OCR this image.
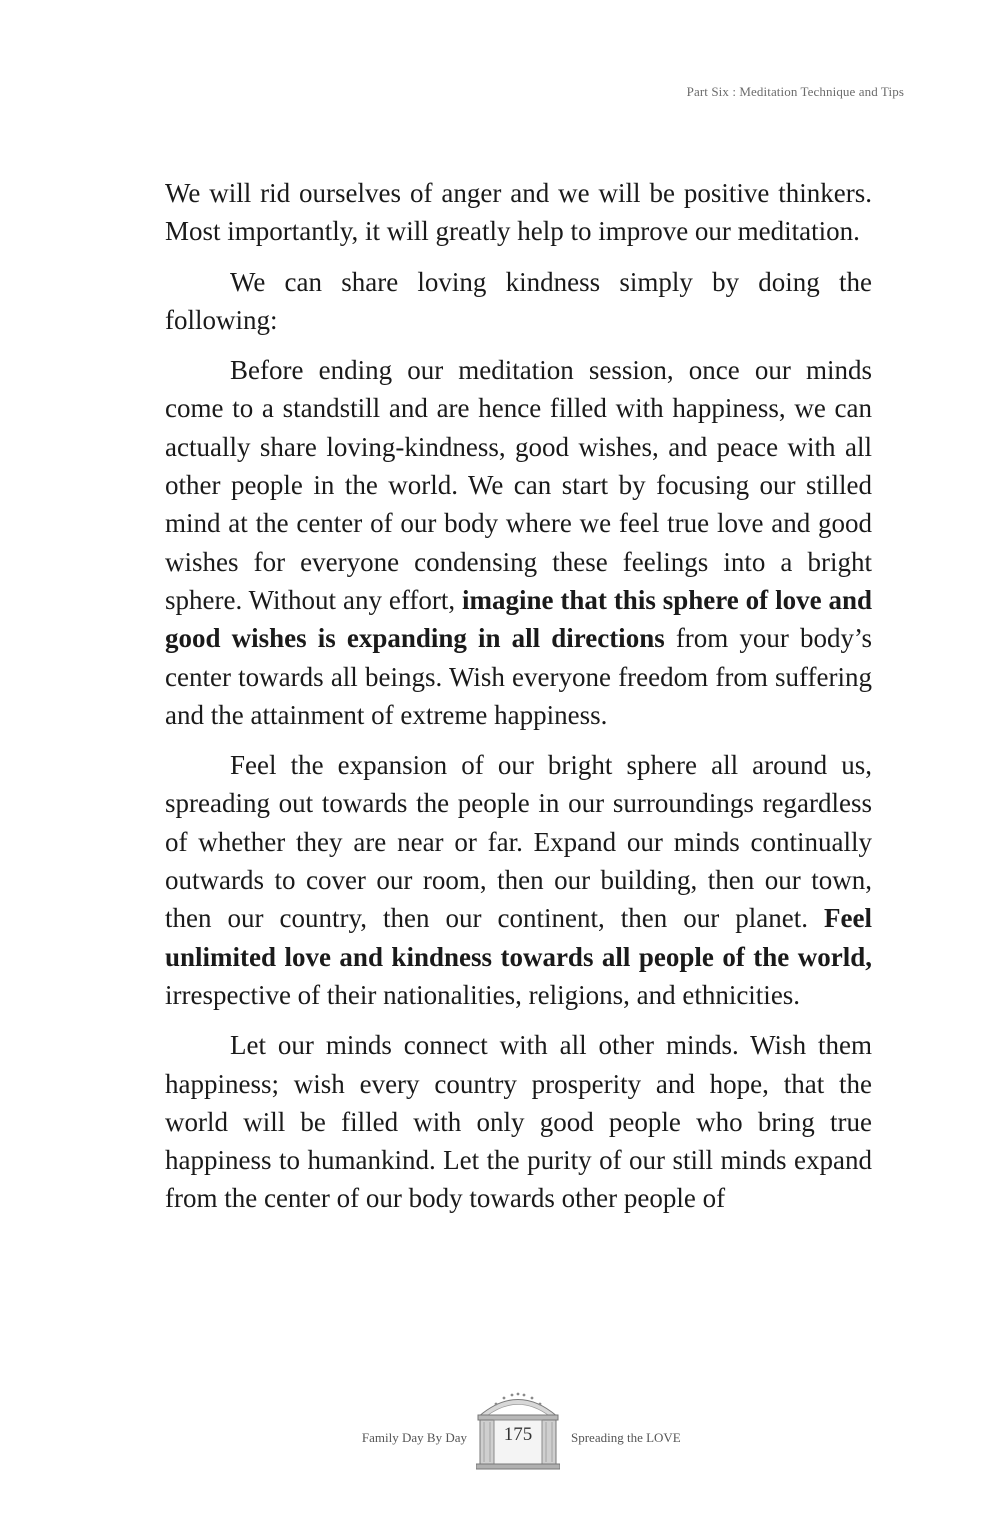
Part Six : Meditation Technique and Tips

We will rid ourselves of anger and we will be positive thinkers. Most importantly, it will greatly help to improve our meditation.

We can share loving kindness simply by doing the following:

Before ending our meditation session, once our minds come to a standstill and are hence filled with happiness, we can actually share loving-kindness, good wishes, and peace with all other people in the world. We can start by focusing our stilled mind at the center of our body where we feel true love and good wishes for everyone condensing these feelings into a bright sphere. Without any effort, imagine that this sphere of love and good wishes is expanding in all directions from your body’s center towards all beings. Wish everyone freedom from suffering and the attainment of extreme happiness.

Feel the expansion of our bright sphere all around us, spreading out towards the people in our surroundings regardless of whether they are near or far. Expand our minds continually outwards to cover our room, then our building, then our town, then our country, then our continent, then our planet. Feel unlimited love and kindness towards all people of the world, irrespective of their nationalities, religions, and ethnicities.

Let our minds connect with all other minds. Wish them happiness; wish every country prosperity and hope, that the world will be filled with only good people who bring true happiness to humankind. Let the purity of our still minds expand from the center of our body towards other people of

Family Day By Day	175	Spreading the LOVE
